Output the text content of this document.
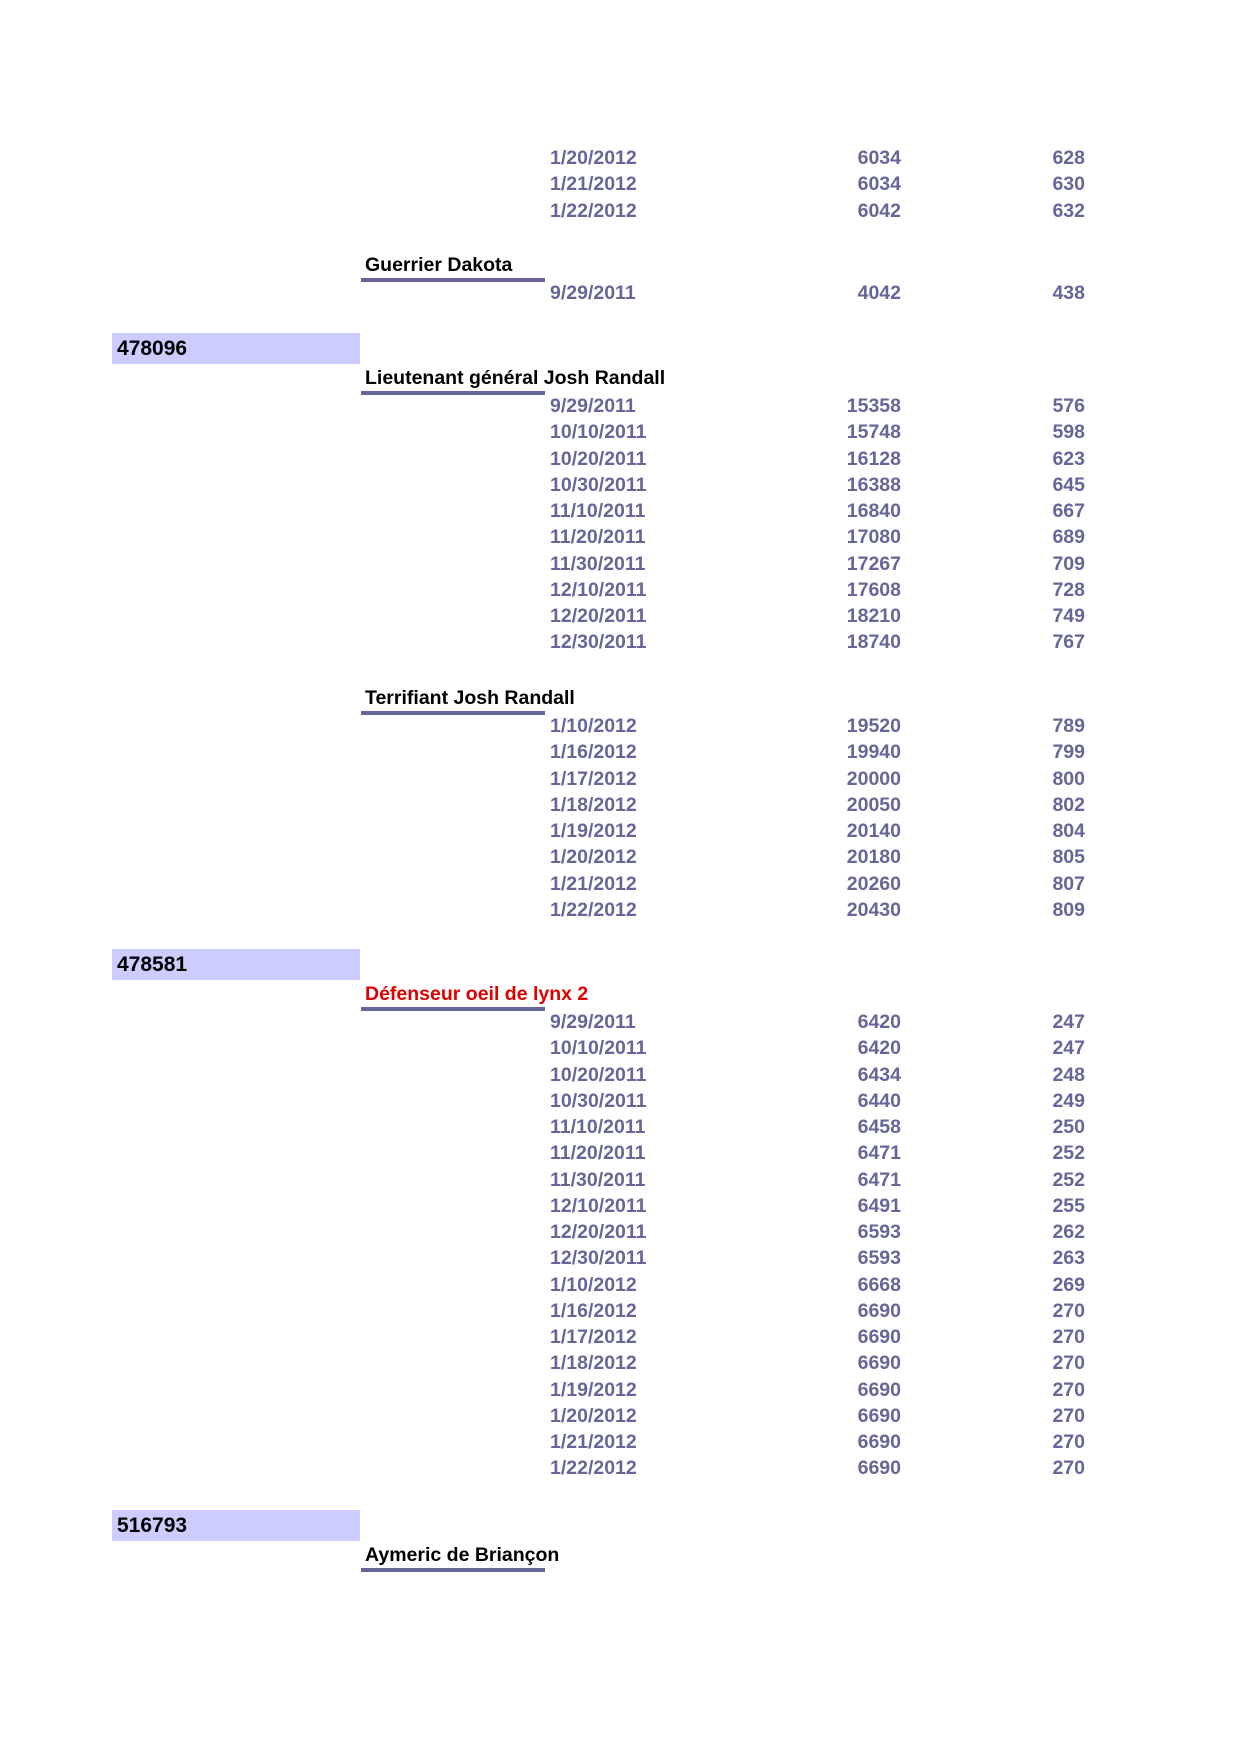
1/20/2012	6034	628
1/21/2012	6034	630
1/22/2012	6042	632
Guerrier Dakota
9/29/2011	4042	438
478096
Lieutenant général Josh Randall
9/29/2011	15358	576
10/10/2011	15748	598
10/20/2011	16128	623
10/30/2011	16388	645
11/10/2011	16840	667
11/20/2011	17080	689
11/30/2011	17267	709
12/10/2011	17608	728
12/20/2011	18210	749
12/30/2011	18740	767
Terrifiant Josh Randall
1/10/2012	19520	789
1/16/2012	19940	799
1/17/2012	20000	800
1/18/2012	20050	802
1/19/2012	20140	804
1/20/2012	20180	805
1/21/2012	20260	807
1/22/2012	20430	809
478581
Défenseur oeil de lynx 2
9/29/2011	6420	247
10/10/2011	6420	247
10/20/2011	6434	248
10/30/2011	6440	249
11/10/2011	6458	250
11/20/2011	6471	252
11/30/2011	6471	252
12/10/2011	6491	255
12/20/2011	6593	262
12/30/2011	6593	263
1/10/2012	6668	269
1/16/2012	6690	270
1/17/2012	6690	270
1/18/2012	6690	270
1/19/2012	6690	270
1/20/2012	6690	270
1/21/2012	6690	270
1/22/2012	6690	270
516793
Aymeric de Briançon
